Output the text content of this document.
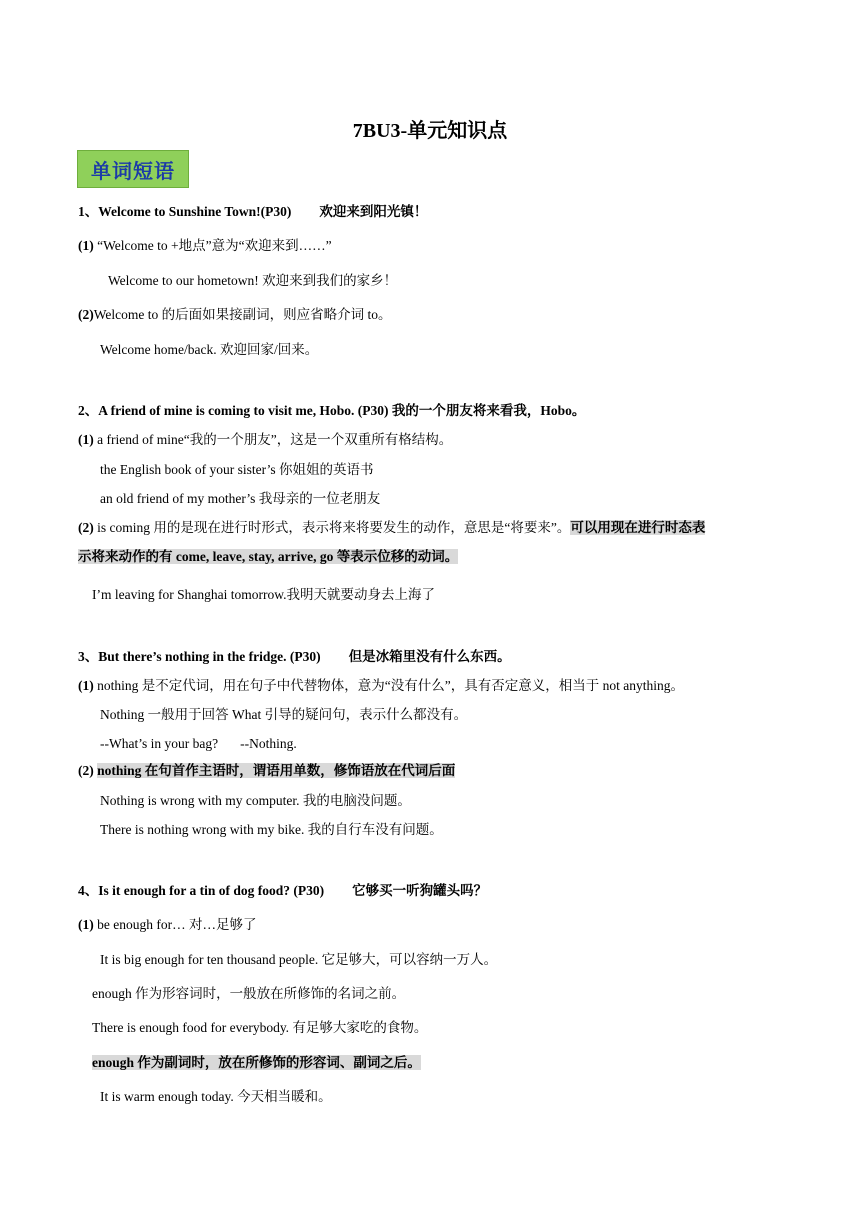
7BU3-单元知识点
单词短语
1、Welcome to Sunshine Town!(P30) 欢迎来到阳光镇！
(1) “Welcome to +地点”意为“欢迎来到……”
Welcome to our hometown! 欢迎来到我们的家乡！
(2)Welcome to 的后面如果接副词，则应省略介词 to。
Welcome home/back. 欢迎回家/回来。
2、A friend of mine is coming to visit me, Hobo. (P30) 我的一个朋友将来看我，Hobo。
(1) a friend of mine“我的一个朋友”，这是一个双重所有格结构。
the English book of your sister’s 你姐姐的英语书
an old friend of my mother’s 我母亲的一位老朋友
(2) is coming 用的是现在进行时形式，表示将来将要发生的动作，意思是“将要来”。可以用现在进行时态表
示将来动作的有 come, leave, stay, arrive, go 等表示位移的动词。
I’m leaving for Shanghai tomorrow.我明天就要动身去上海了
3、But there’s nothing in the fridge. (P30) 但是冰箱里没有什么东西。
(1) nothing 是不定代词，用在句子中代替物体，意为“没有什么”，具有否定意义，相当于 not anything。
Nothing 一般用于回答 What 引导的疑问句，表示什么都没有。
--What’s in your bag? --Nothing.
(2) nothing 在句首作主语时，谓语用单数，修饰语放在代词后面
Nothing is wrong with my computer. 我的电脑没问题。
There is nothing wrong with my bike. 我的自行车没有问题。
4、Is it enough for a tin of dog food? (P30) 它够买一听狗罐头吗？
(1) be enough for… 对…足够了
It is big enough for ten thousand people. 它足够大，可以容纳一万人。
enough 作为形容词时，一般放在所修饰的名词之前。
There is enough food for everybody. 有足够大家吃的食物。
enough 作为副词时，放在所修饰的形容词、副词之后。
It is warm enough today. 今天相当暖和。
